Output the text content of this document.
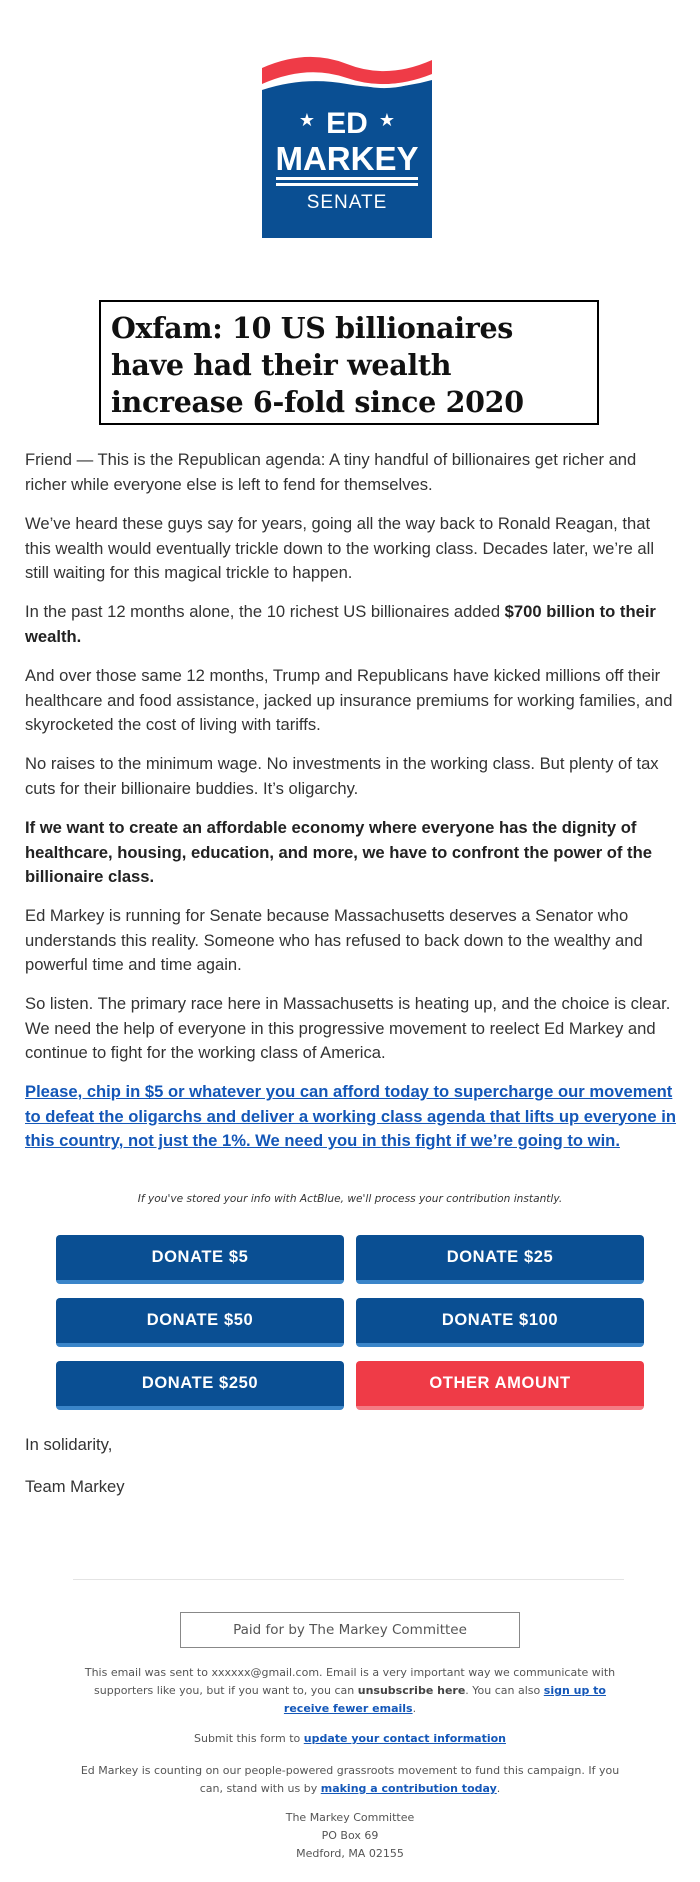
★	★
ED
MARKEY
SENATE
Oxfam: 10 US billionaires have had their wealth increase 6-fold since 2020

Friend — This is the Republican agenda: A tiny handful of billionaires get richer and richer while everyone else is left to fend for themselves.

We’ve heard these guys say for years, going all the way back to Ronald Reagan, that this wealth would eventually trickle down to the working class. Decades later, we’re all still waiting for this magical trickle to happen.

In the past 12 months alone, the 10 richest US billionaires added $700 billion to their wealth.

And over those same 12 months, Trump and Republicans have kicked millions off their healthcare and food assistance, jacked up insurance premiums for working families, and skyrocketed the cost of living with tariffs.

No raises to the minimum wage. No investments in the working class. But plenty of tax cuts for their billionaire buddies. It’s oligarchy.

If we want to create an affordable economy where everyone has the dignity of healthcare, housing, education, and more, we have to confront the power of the billionaire class.

Ed Markey is running for Senate because Massachusetts deserves a Senator who understands this reality. Someone who has refused to back down to the wealthy and powerful time and time again.

So listen. The primary race here in Massachusetts is heating up, and the choice is clear. We need the help of everyone in this progressive movement to reelect Ed Markey and continue to fight for the working class of America.

Please, chip in $5 or whatever you can afford today to supercharge our movement to defeat the oligarchs and deliver a working class agenda that lifts up everyone in this country, not just the 1%. We need you in this fight if we’re going to win.
If you've stored your info with ActBlue, we'll process your contribution instantly.
DONATE $5	DONATE $25
DONATE $50	DONATE $100
DONATE $250	OTHER AMOUNT
In solidarity,
Team Markey
Paid for by The Markey Committee
This email was sent to xxxxxx@gmail.com. Email is a very important way we communicate with supporters like you, but if you want to, you can unsubscribe here. You can also sign up to receive fewer emails.
Submit this form to update your contact information
Ed Markey is counting on our people-powered grassroots movement to fund this campaign. If you can, stand with us by making a contribution today.
The Markey Committee
PO Box 69
Medford, MA 02155
